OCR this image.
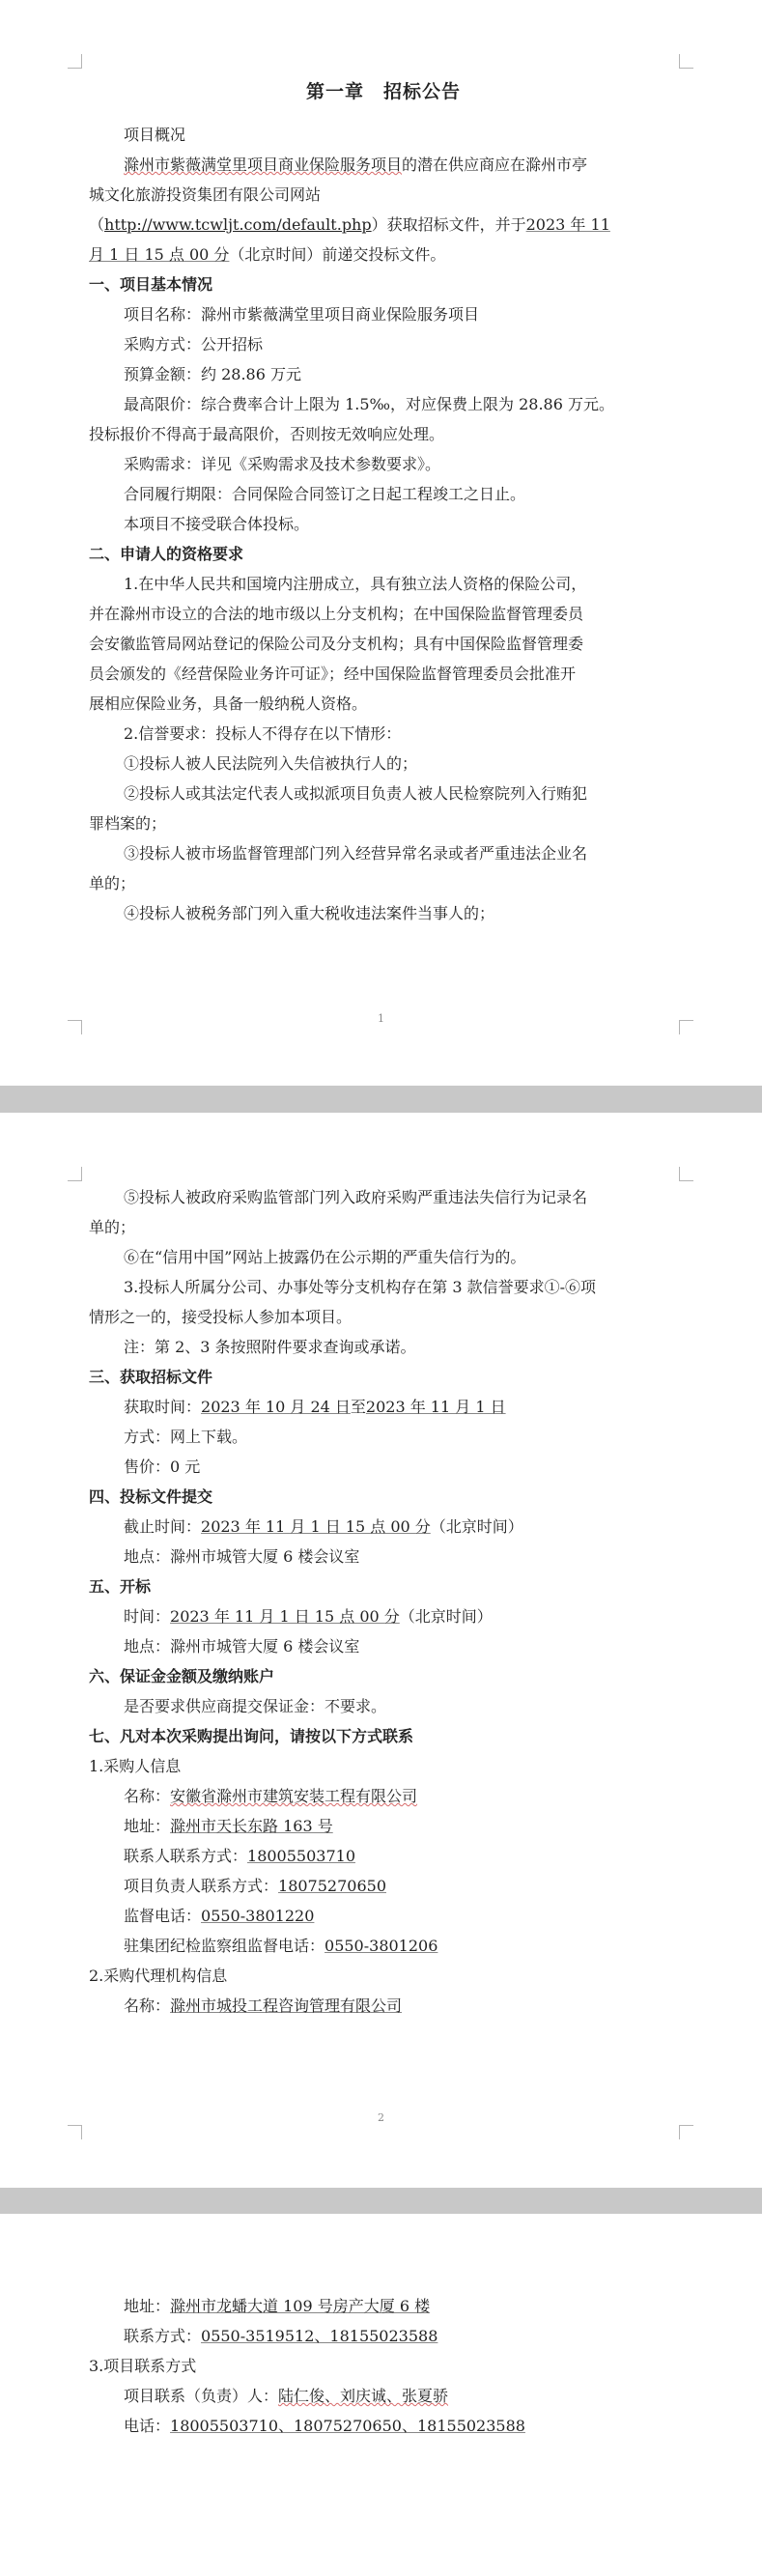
第一章　招标公告
项目概况
滁州市紫薇满堂里项目商业保险服务项目的潜在供应商应在滁州市亭
城文化旅游投资集团有限公司网站
（http://www.tcwljt.com/default.php）获取招标文件，并于2023 年 11
月 1 日 15 点 00 分（北京时间）前递交投标文件。
一、项目基本情况
项目名称：滁州市紫薇满堂里项目商业保险服务项目
采购方式：公开招标
预算金额：约 28.86 万元
最高限价：综合费率合计上限为 1.5‰，对应保费上限为 28.86 万元。
投标报价不得高于最高限价，否则按无效响应处理。
采购需求：详见《采购需求及技术参数要求》。
合同履行期限：合同保险合同签订之日起工程竣工之日止。
本项目不接受联合体投标。
二、申请人的资格要求
1.在中华人民共和国境内注册成立，具有独立法人资格的保险公司，
并在滁州市设立的合法的地市级以上分支机构；在中国保险监督管理委员
会安徽监管局网站登记的保险公司及分支机构；具有中国保险监督管理委
员会颁发的《经营保险业务许可证》；经中国保险监督管理委员会批准开
展相应保险业务，具备一般纳税人资格。
2.信誉要求：投标人不得存在以下情形：
①投标人被人民法院列入失信被执行人的；
②投标人或其法定代表人或拟派项目负责人被人民检察院列入行贿犯
罪档案的；
③投标人被市场监督管理部门列入经营异常名录或者严重违法企业名
单的；
④投标人被税务部门列入重大税收违法案件当事人的；
1
⑤投标人被政府采购监管部门列入政府采购严重违法失信行为记录名
单的；
⑥在“信用中国”网站上披露仍在公示期的严重失信行为的。
3.投标人所属分公司、办事处等分支机构存在第 3 款信誉要求①-⑥项
情形之一的，接受投标人参加本项目。
注：第 2、3 条按照附件要求查询或承诺。
三、获取招标文件
获取时间：2023 年 10 月 24 日至2023 年 11 月 1 日
方式：网上下载。
售价：0 元
四、投标文件提交
截止时间：2023 年 11 月 1 日 15 点 00 分（北京时间）
地点：滁州市城管大厦 6 楼会议室
五、开标
时间：2023 年 11 月 1 日 15 点 00 分（北京时间）
地点：滁州市城管大厦 6 楼会议室
六、保证金金额及缴纳账户
是否要求供应商提交保证金：不要求。
七、凡对本次采购提出询问，请按以下方式联系
1.采购人信息
名称：安徽省滁州市建筑安装工程有限公司
地址：滁州市天长东路 163 号
联系人联系方式：18005503710
项目负责人联系方式：18075270650
监督电话：0550-3801220
驻集团纪检监察组监督电话：0550-3801206
2.采购代理机构信息
名称：滁州市城投工程咨询管理有限公司
2
地址：滁州市龙蟠大道 109 号房产大厦 6 楼
联系方式：0550-3519512、18155023588
3.项目联系方式
项目联系（负责）人：陆仁俊、刘庆诚、张夏骄
电话：18005503710、18075270650、18155023588
